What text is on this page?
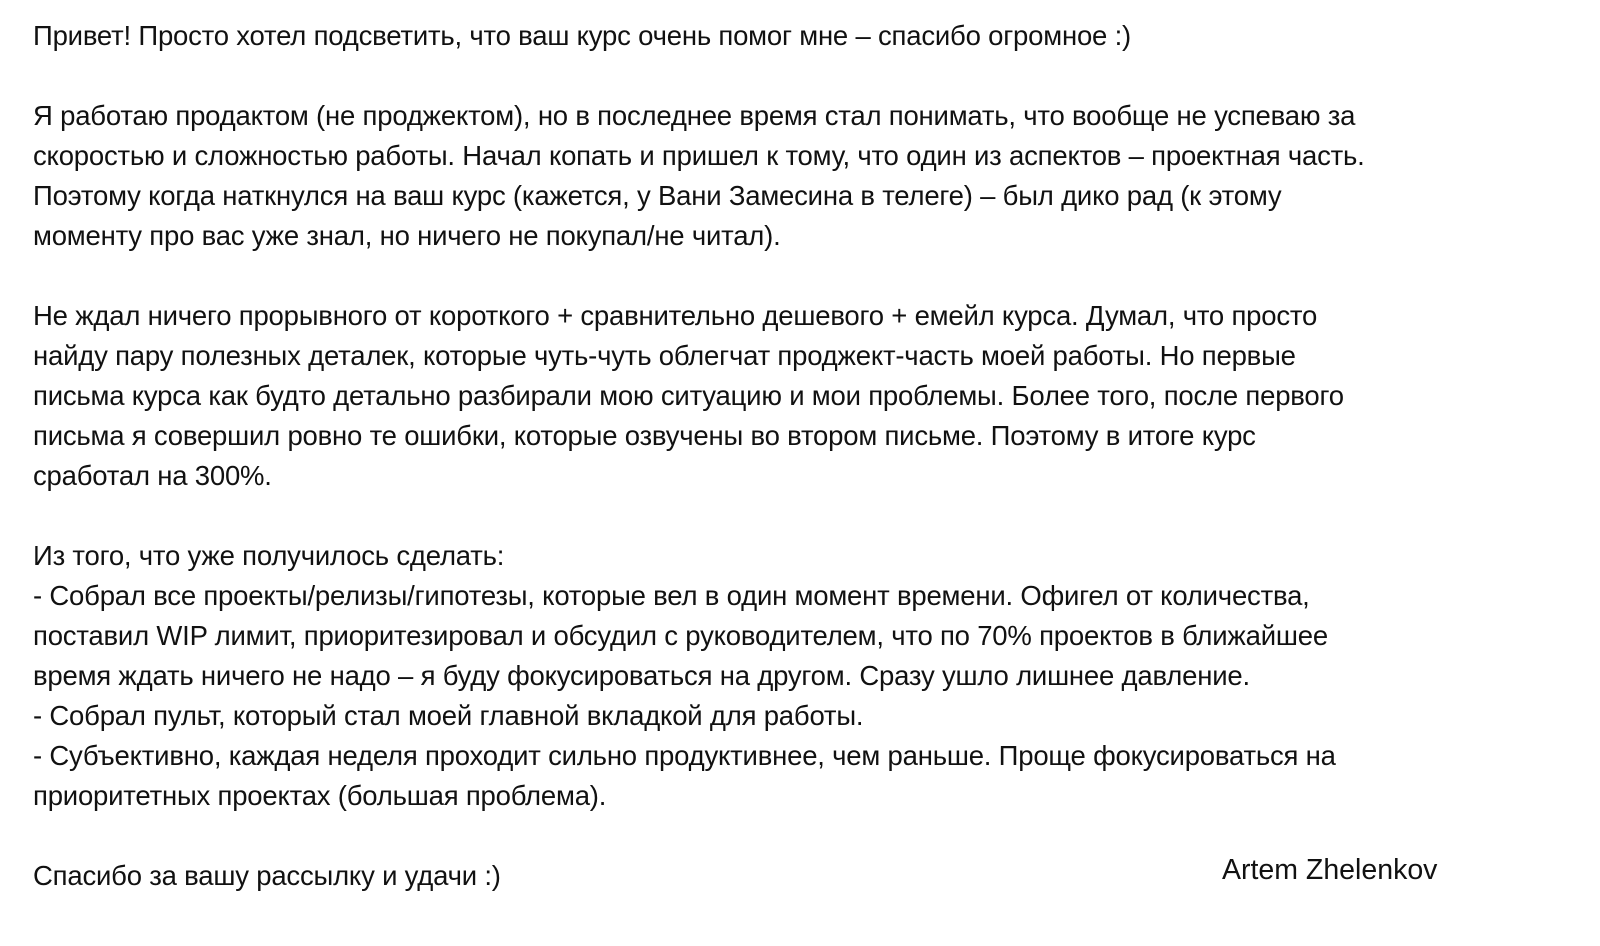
Привет! Просто хотел подсветить, что ваш курс очень помог мне – спасибо огромное :)

Я работаю продактом (не проджектом), но в последнее время стал понимать, что вообще не успеваю за
скоростью и сложностью работы. Начал копать и пришел к тому, что один из аспектов – проектная часть.
Поэтому когда наткнулся на ваш курс (кажется, у Вани Замесина в телеге) – был дико рад (к этому
моменту про вас уже знал, но ничего не покупал/не читал).

Не ждал ничего прорывного от короткого + сравнительно дешевого + емейл курса. Думал, что просто
найду пару полезных деталек, которые чуть-чуть облегчат проджект-часть моей работы. Но первые
письма курса как будто детально разбирали мою ситуацию и мои проблемы. Более того, после первого
письма я совершил ровно те ошибки, которые озвучены во втором письме. Поэтому в итоге курс
сработал на 300%.

Из того, что уже получилось сделать:
- Собрал все проекты/релизы/гипотезы, которые вел в один момент времени. Офигел от количества,
поставил WIP лимит, приоритезировал и обсудил с руководителем, что по 70% проектов в ближайшее
время ждать ничего не надо – я буду фокусироваться на другом. Сразу ушло лишнее давление.
- Собрал пульт, который стал моей главной вкладкой для работы.
- Субъективно, каждая неделя проходит сильно продуктивнее, чем раньше. Проще фокусироваться на
приоритетных проектах (большая проблема).

Спасибо за вашу рассылку и удачи :)	Artem Zhelenkov
